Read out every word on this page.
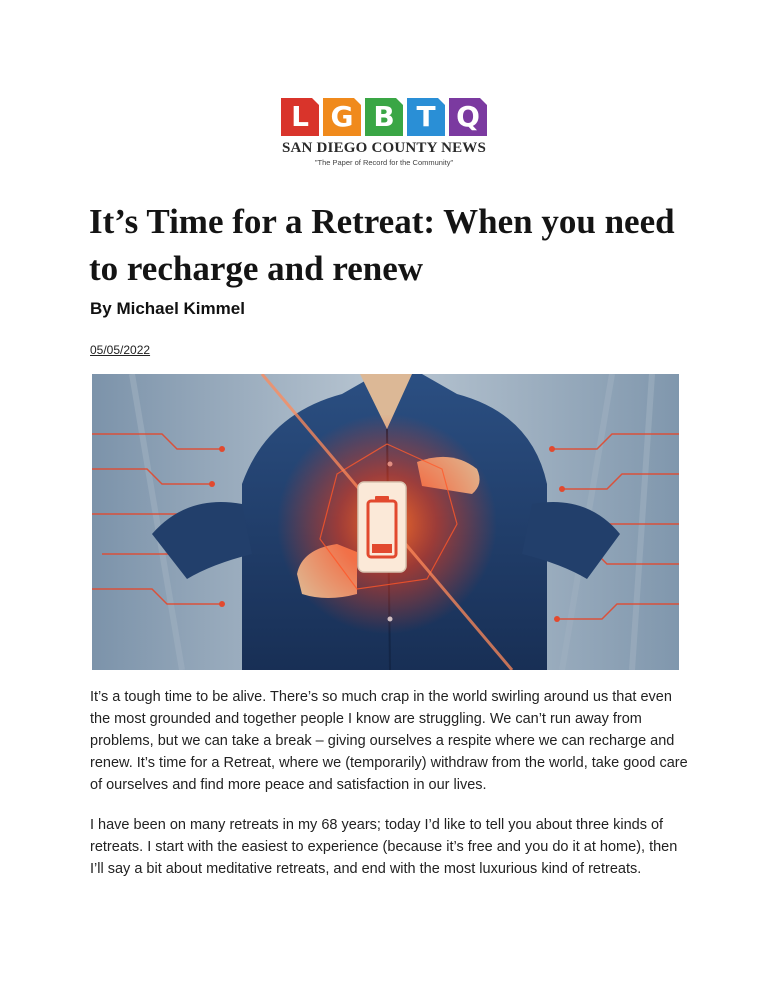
L G B T Q
SAN DIEGO COUNTY NEWS
"The Paper of Record for the Community"
It’s Time for a Retreat: When you need to recharge and renew
By Michael Kimmel
05/05/2022

It’s a tough time to be alive. There’s so much crap in the world swirling around us that even the most grounded and together people I know are struggling. We can’t run away from problems, but we can take a break – giving ourselves a respite where we can recharge and renew. It’s time for a Retreat, where we (temporarily) withdraw from the world, take good care of ourselves and find more peace and satisfaction in our lives.

I have been on many retreats in my 68 years; today I’d like to tell you about three kinds of retreats. I start with the easiest to experience (because it’s free and you do it at home), then I’ll say a bit about meditative retreats, and end with the most luxurious kind of retreats.
